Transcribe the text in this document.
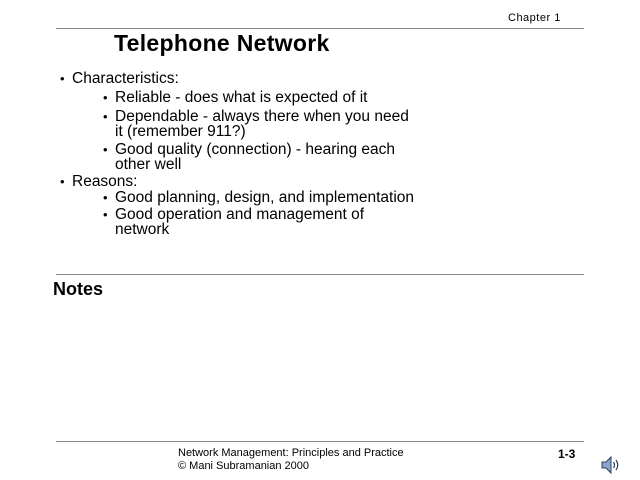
Chapter 1
Telephone Network
• Characteristics:
• Reliable - does what is expected of it
• Dependable - always there when you need
it (remember 911?)
• Good quality (connection) - hearing each
other well
• Reasons:
• Good planning, design, and implementation
• Good operation and management of
network
Notes
Network Management: Principles and Practice
© Mani Subramanian 2000
1-3
